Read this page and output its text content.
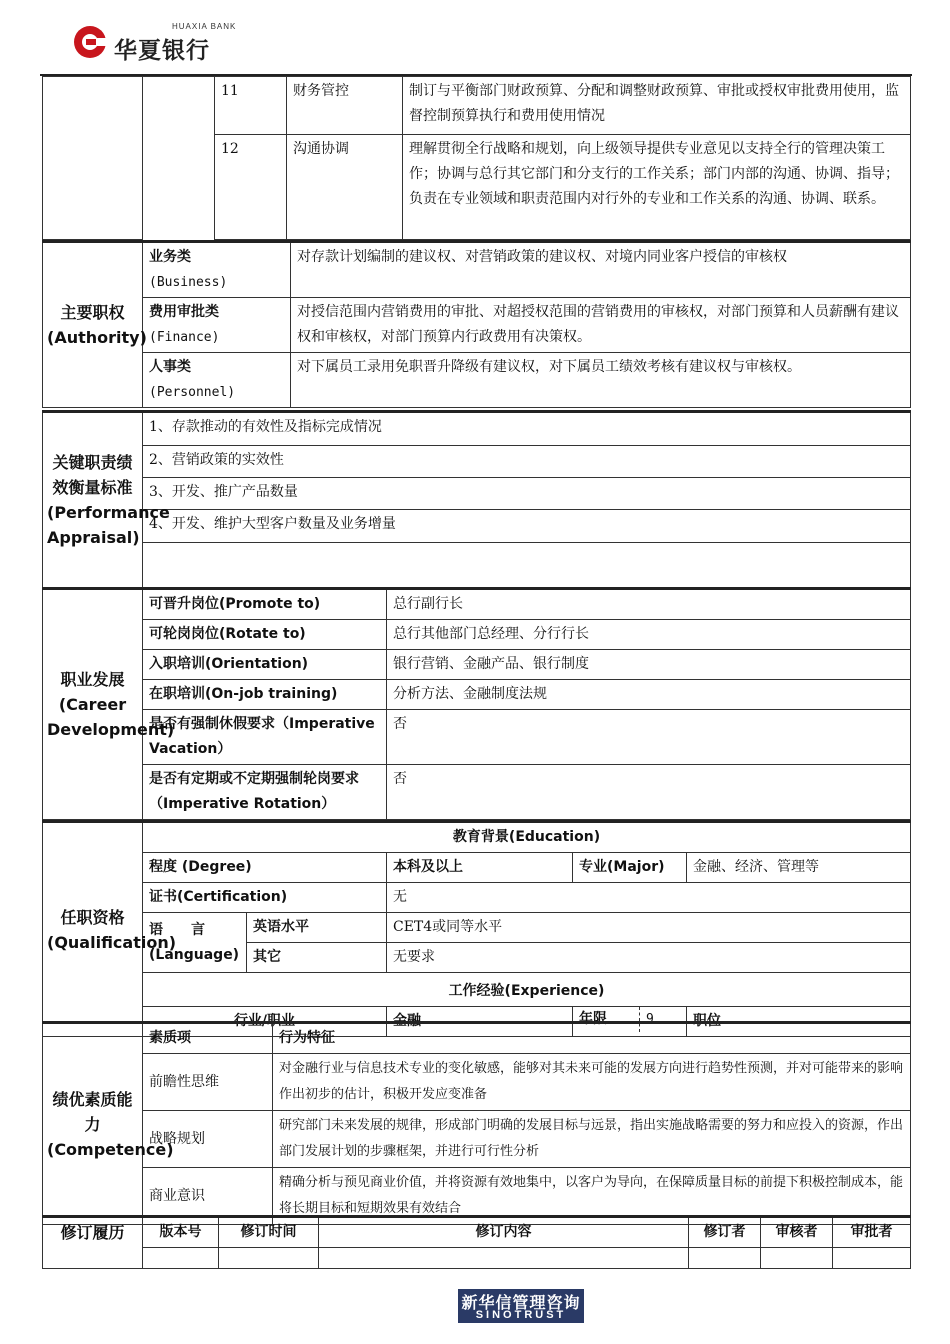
HUAXIA BANK
华夏银行
		11	财务管控	制订与平衡部门财政预算、分配和调整财政预算、审批或授权审批费用使用，监督控制预算执行和费用使用情况
		12	沟通协调	理解贯彻全行战略和规划，向上级领导提供专业意见以支持全行的管理决策工作；协调与总行其它部门和分支行的工作关系；部门内部的沟通、协调、指导；负责在专业领域和职责范围内对行外的专业和工作关系的沟通、协调、联系。
主要职权(Authority)	业务类
(Business)	对存款计划编制的建议权、对营销政策的建议权、对境内同业客户授信的审核权

	费用审批类
(Finance)	对授信范围内营销费用的审批、对超授权范围的营销费用的审核权，对部门预算和人员薪酬有建议权和审核权，对部门预算内行政费用有决策权。

	人事类
(Personnel)	对下属员工录用免职晋升降级有建议权，对下属员工绩效考核有建议权与审核权。
关键职责绩效衡量标准(Performance Appraisal)	1、存款推动的有效性及指标完成情况
2、营销政策的实效性
3、开发、推广产品数量
4、开发、维护大型客户数量及业务增量

职业发展(Career Development)	可晋升岗位(Promote to)	总行副行长
	可轮岗岗位(Rotate to)	总行其他部门总经理、分行行长
	入职培训(Orientation)	银行营销、金融产品、银行制度
	在职培训(On-job training)	分析方法、金融制度法规
	是否有强制休假要求（Imperative Vacation）	否
	是否有定期或不定期强制轮岗要求（Imperative Rotation）	否
任职资格(Qualification)	教育背景(Education)					
	程度 (Degree)		本科及以上	专业(Major)	金融、经济、管理等	
	证书(Certification)		无			
	语　　言(Language)	英语水平	CET4或同等水平			
		其它	无要求			
	工作经验(Experience)					
	行业/职业		金融	年限 9	职位	
绩优素质能力(Competence)	素质项	行为特征
	前瞻性思维	对金融行业与信息技术专业的变化敏感，能够对其未来可能的发展方向进行趋势性预测，并对可能带来的影响作出初步的估计，积极开发应变准备
	战略规划	研究部门未来发展的规律，形成部门明确的发展目标与远景，指出实施战略需要的努力和应投入的资源，作出部门发展计划的步骤框架，并进行可行性分析
	商业意识	精确分析与预见商业价值，并将资源有效地集中，以客户为导向，在保障质量目标的前提下积极控制成本，能将长期目标和短期效果有效结合
修订履历	版本号	修订时间	修订内容	修订者	审核者	审批者

新华信管理咨询
SINOTRUST
